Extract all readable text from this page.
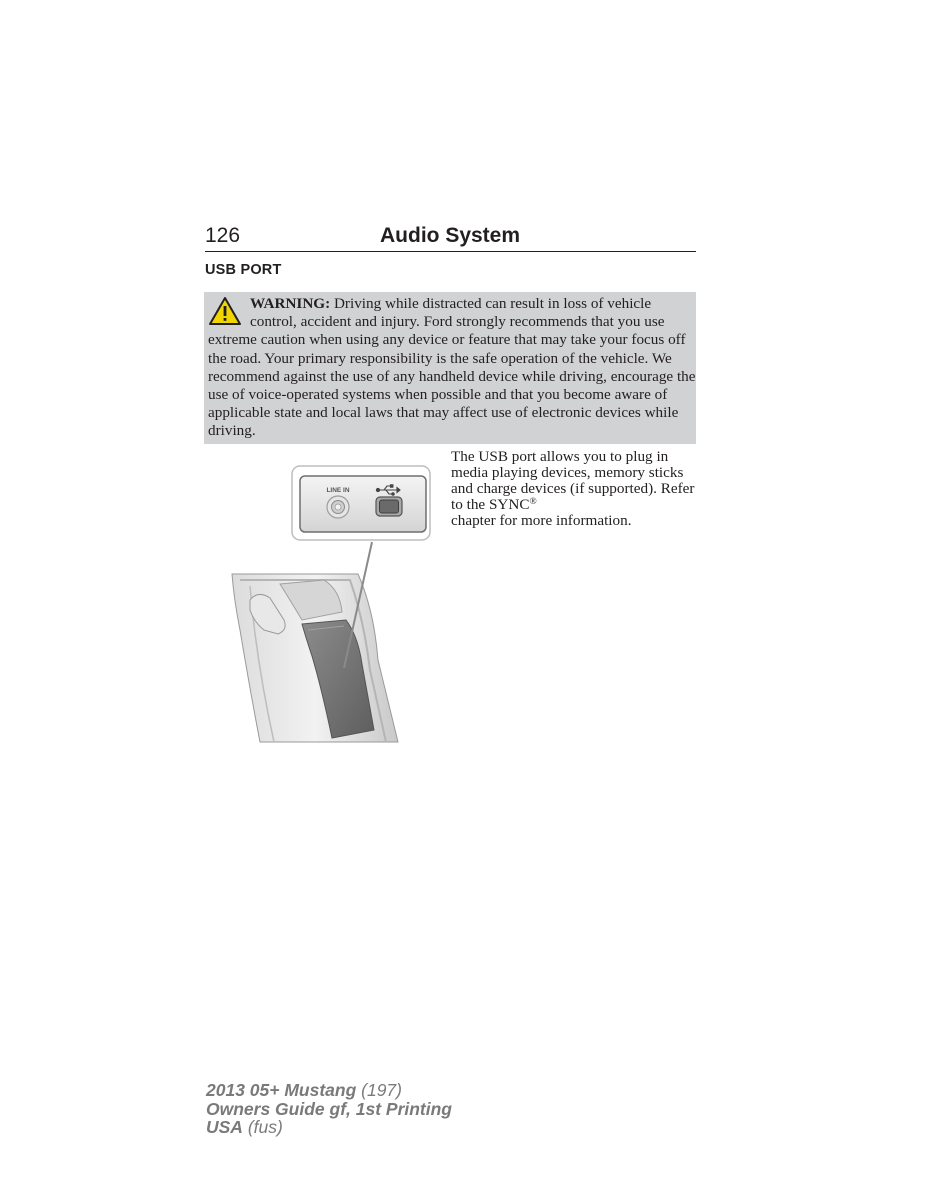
126	Audio System
USB PORT

WARNING: Driving while distracted can result in loss of vehicle control, accident and injury. Ford strongly recommends that you use extreme caution when using any device or feature that may take your focus off the road. Your primary responsibility is the safe operation of the vehicle. We recommend against the use of any handheld device while driving, encourage the use of voice-operated systems when possible and that you become aware of applicable state and local laws that may affect use of electronic devices while driving.

LINE IN

The USB port allows you to plug in media playing devices, memory sticks and charge devices (if supported). Refer to the SYNC®
chapter for more information.

2013 05+ Mustang (197)
Owners Guide gf, 1st Printing
USA (fus)
